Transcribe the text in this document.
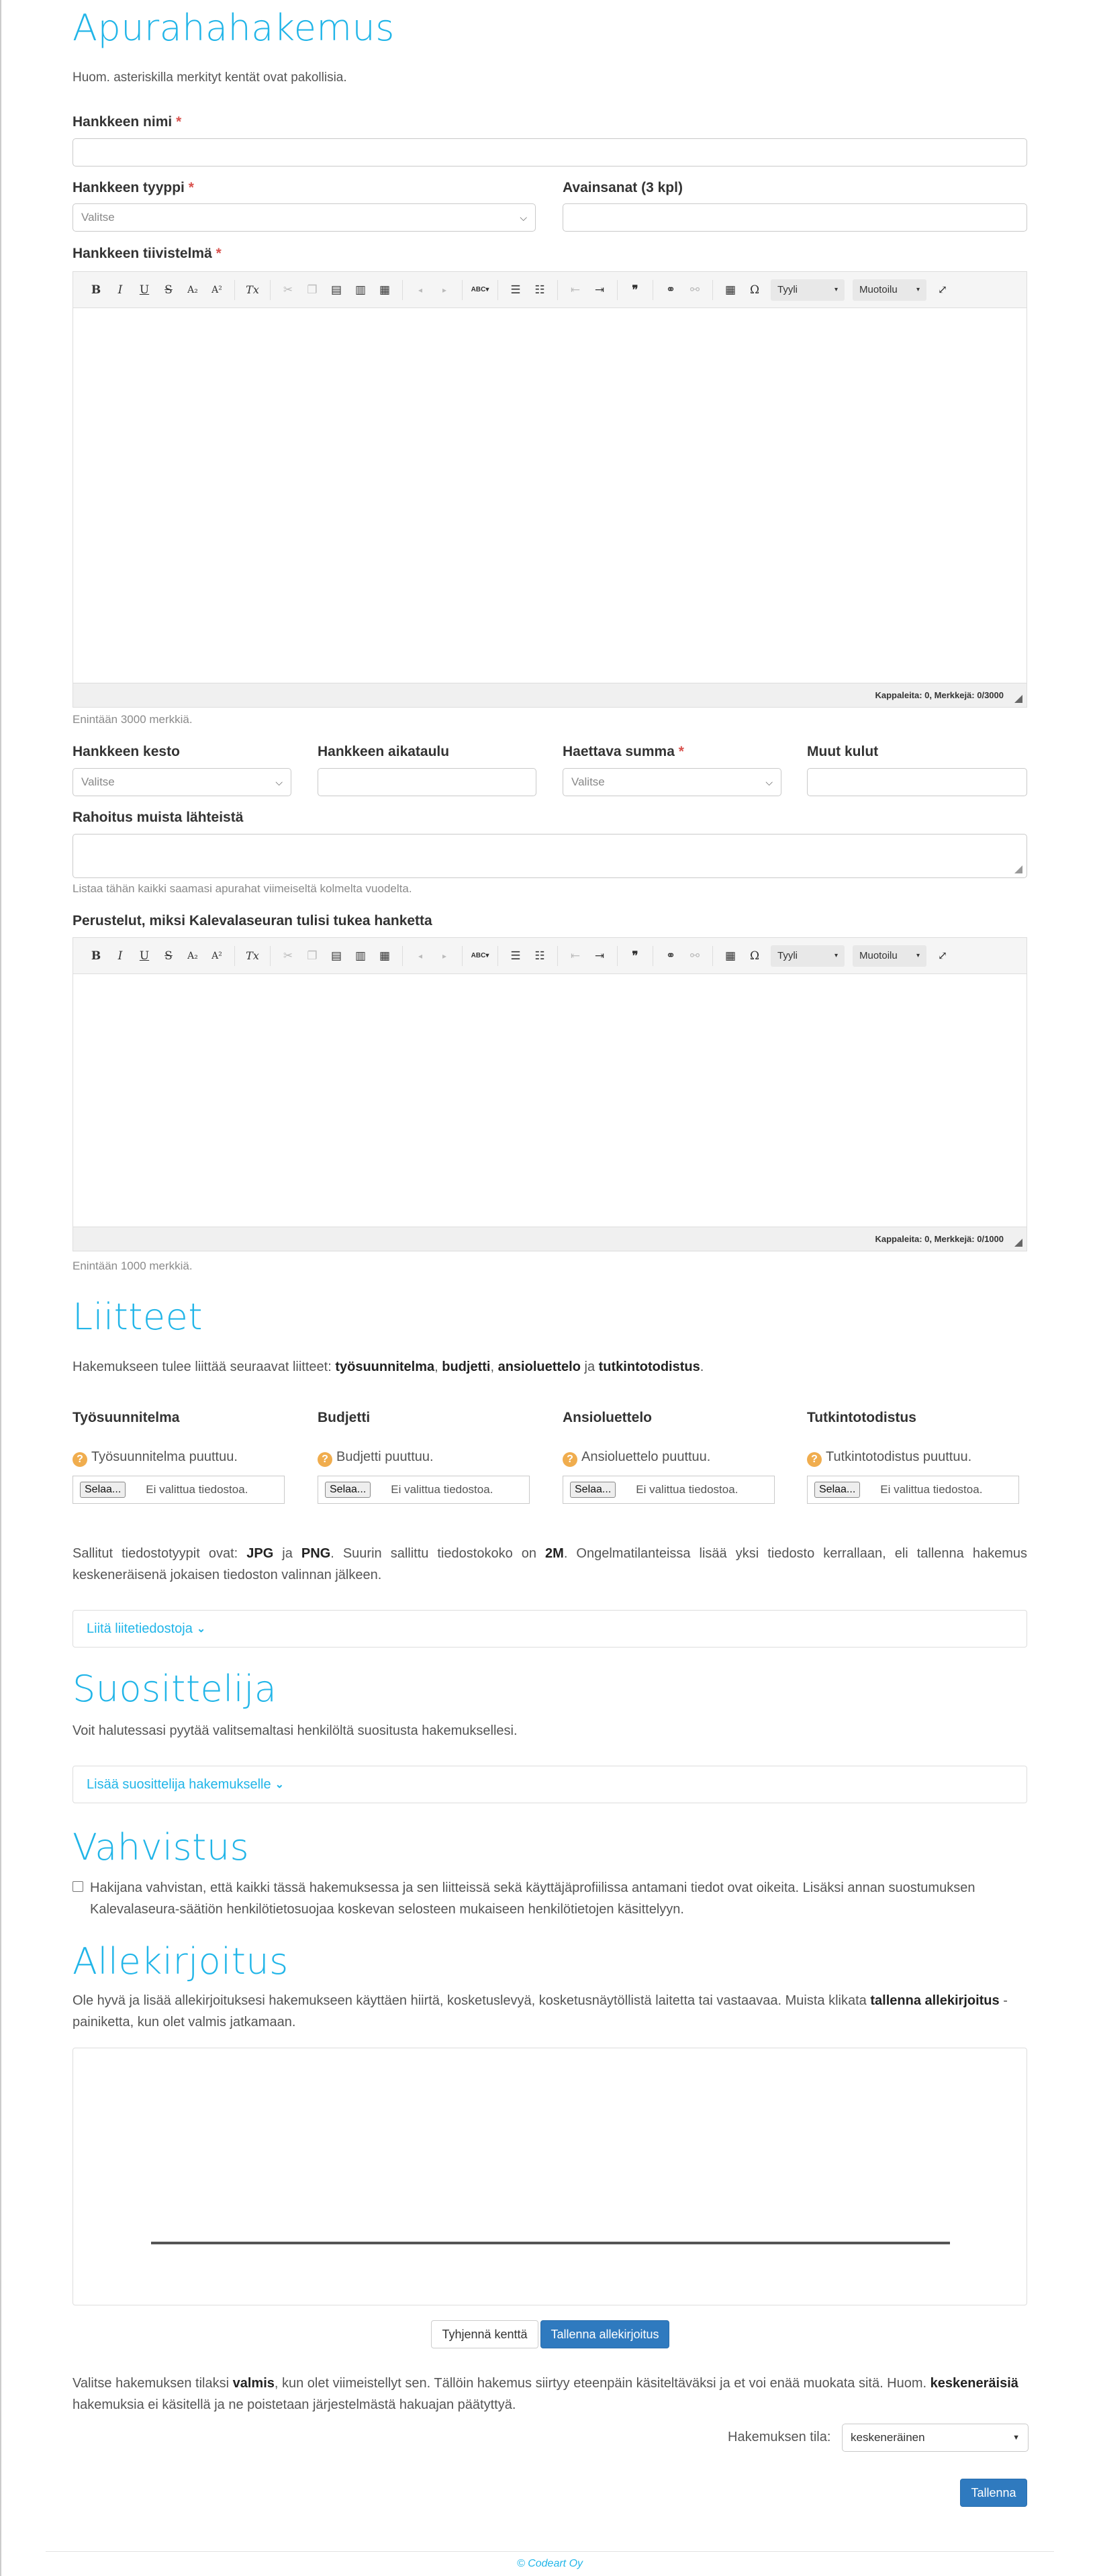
Apurahahakemus
Huom. asteriskilla merkityt kentät ovat pakollisia.
Hankkeen nimi *
Hankkeen tyyppi *
Valitse	⌵
Avainsanat (3 kpl)
Hankkeen tiivistelmä *
B	I	U	S	A₂	A²	Tx	✂	❐	▤	▥	▦	◂	▸	ABC ▾	☰	☷	⇤	⇥	❞	⚭	⚯	▦	Ω	Tyyli	▾ Muotoilu	▾	⤢
Kappaleita: 0, Merkkejä: 0/3000
Enintään 3000 merkkiä.
Hankkeen kesto
Valitse	⌵
Hankkeen aikataulu	Haettava summa *
Valitse	⌵
Muut kulut
Rahoitus muista lähteistä
Listaa tähän kaikki saamasi apurahat viimeiseltä kolmelta vuodelta.
Perustelut, miksi Kalevalaseuran tulisi tukea hanketta
B	I	U	S	A₂	A²	Tx	✂	❐	▤	▥	▦	◂	▸	ABC ▾	☰	☷	⇤	⇥	❞	⚭	⚯	▦	Ω	Tyyli	▾ Muotoilu	▾	⤢
Kappaleita: 0, Merkkejä: 0/1000
Enintään 1000 merkkiä.
Liitteet
Hakemukseen tulee liittää seuraavat liitteet: työsuunnitelma, budjetti, ansioluettelo ja tutkintotodistus.
Työsuunnitelma
? Työsuunnitelma puuttuu.
Selaa...	Ei valittua tiedostoa.
Budjetti
? Budjetti puuttuu.
Selaa...	Ei valittua tiedostoa.
Ansioluettelo
? Ansioluettelo puuttuu.
Selaa...	Ei valittua tiedostoa.
Tutkintotodistus
? Tutkintotodistus puuttuu.
Selaa...	Ei valittua tiedostoa.
Sallitut tiedostotyypit ovat: JPG ja PNG. Suurin sallittu tiedostokoko on 2M. Ongelmatilanteissa lisää yksi tiedosto kerrallaan, eli tallenna hakemus keskeneräisenä jokaisen tiedoston valinnan jälkeen.
Liitä liitetiedostoja ⌄
Suosittelija
Voit halutessasi pyytää valitsemaltasi henkilöltä suositusta hakemuksellesi.
Lisää suosittelija hakemukselle ⌄
Vahvistus
Hakijana vahvistan, että kaikki tässä hakemuksessa ja sen liitteissä sekä käyttäjäprofiilissa antamani tiedot ovat oikeita. Lisäksi annan suostumuksen Kalevalaseura-säätiön henkilötietosuojaa koskevan selosteen mukaiseen henkilötietojen käsittelyyn.
Allekirjoitus
Ole hyvä ja lisää allekirjoituksesi hakemukseen käyttäen hiirtä, kosketuslevyä, kosketusnäytöllistä laitetta tai vastaavaa. Muista klikata tallenna allekirjoitus -painiketta, kun olet valmis jatkamaan.
Tyhjennä kenttä	Tallenna allekirjoitus
Valitse hakemuksen tilaksi valmis, kun olet viimeistellyt sen. Tällöin hakemus siirtyy eteenpäin käsiteltäväksi ja et voi enää muokata sitä. Huom. keskeneräisiä hakemuksia ei käsitellä ja ne poistetaan järjestelmästä hakuajan päätyttyä.
Hakemuksen tila: keskeneräinen	▼
Tallenna
© Codeart Oy
